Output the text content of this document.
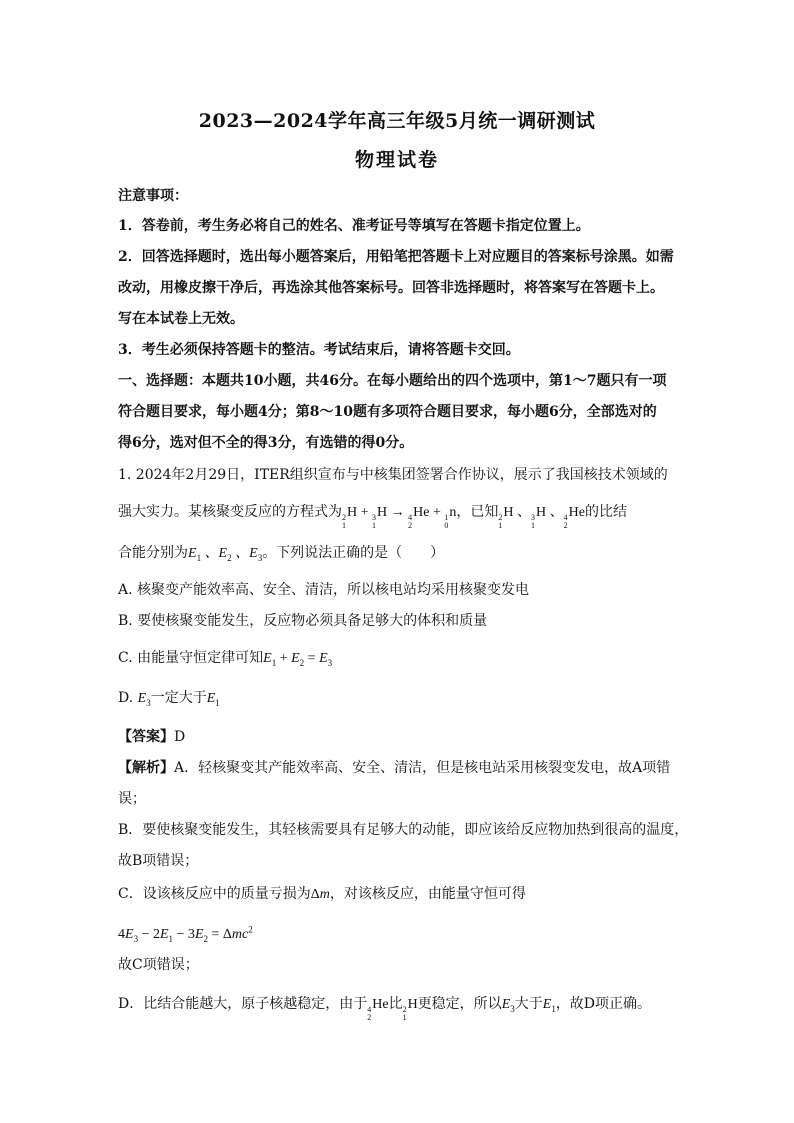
2023—2024学年高三年级5月统一调研测试
物理试卷
注意事项：
1．答卷前，考生务必将自己的姓名、准考证号等填写在答题卡指定位置上。
2．回答选择题时，选出每小题答案后，用铅笔把答题卡上对应题目的答案标号涂黑。如需
改动，用橡皮擦干净后，再选涂其他答案标号。回答非选择题时，将答案写在答题卡上。
写在本试卷上无效。
3．考生必须保持答题卡的整洁。考试结束后，请将答题卡交回。
一、选择题：本题共10小题，共46分。在每小题给出的四个选项中，第1～7题只有一项
符合题目要求，每小题4分；第8～10题有多项符合题目要求，每小题6分，全部选对的
得6分，选对但不全的得3分，有选错的得0分。
1. 2024年2月29日，ITER组织宣布与中核集团签署合作协议，展示了我国核技术领域的
强大实力。某核聚变反应的方程式为 2
1
H + 3
1
H → 4
2
He + 1
0
n，已知 2
1
H 、 3
1
H 、 4
2
He的比结
合能分别为$E_1$ 、$E_2$ 、$E_3$。下列说法正确的是（　　）
A. 核聚变产能效率高、安全、清洁，所以核电站均采用核聚变发电
B. 要使核聚变能发生，反应物必须具备足够大的体积和质量
C. 由能量守恒定律可知$E_1 + E_2 = E_3$
D. $E_3$一定大于$E_1$
【答案】D
【解析】A．轻核聚变其产能效率高、安全、清洁，但是核电站采用核裂变发电，故A项错
误；
B．要使核聚变能发生，其轻核需要具有足够大的动能，即应该给反应物加热到很高的温度，
故B项错误；
C．设该核反应中的质量亏损为Δm，对该核反应，由能量守恒可得
$4E_3 - 2E_1 - 3E_2 = \Delta mc^2$
故C项错误；
D．比结合能越大，原子核越稳定，由于 4
2
He比 2
1
H更稳定，所以$E_3$大于$E_1$，故D项正确。
